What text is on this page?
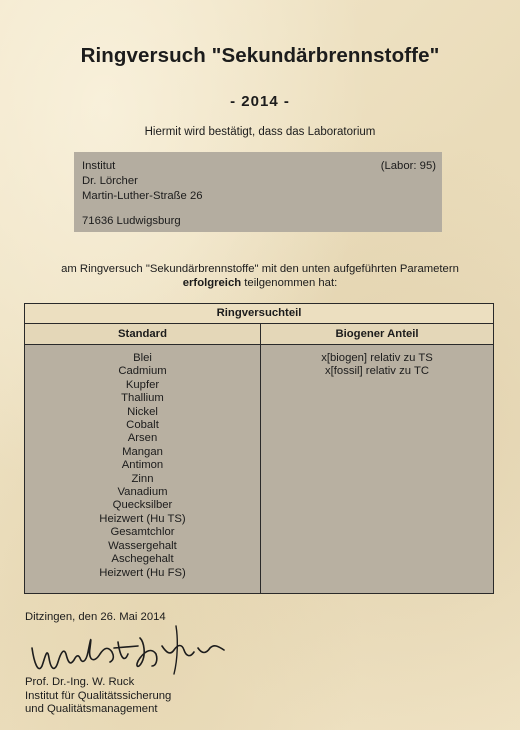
Ringversuch "Sekundärbrennstoffe"
- 2014 -
Hiermit wird bestätigt, dass das Laboratorium
Institut	(Labor: 95)
Dr. Lörcher
Martin-Luther-Straße 26
71636 Ludwigsburg
am Ringversuch "Sekundärbrennstoffe" mit den unten aufgeführten Parametern
erfolgreich teilgenommen hat:
Ringversuchteil
Standard	Biogener Anteil
Blei
Cadmium
Kupfer
Thallium
Nickel
Cobalt
Arsen
Mangan
Antimon
Zinn
Vanadium
Quecksilber
Heizwert (Hu TS)
Gesamtchlor
Wassergehalt
Aschegehalt
Heizwert (Hu FS)
x[biogen] relativ zu TS
x[fossil] relativ zu TC
Ditzingen, den 26. Mai 2014
Prof. Dr.-Ing. W. Ruck
Institut für Qualitätssicherung
und Qualitätsmanagement
